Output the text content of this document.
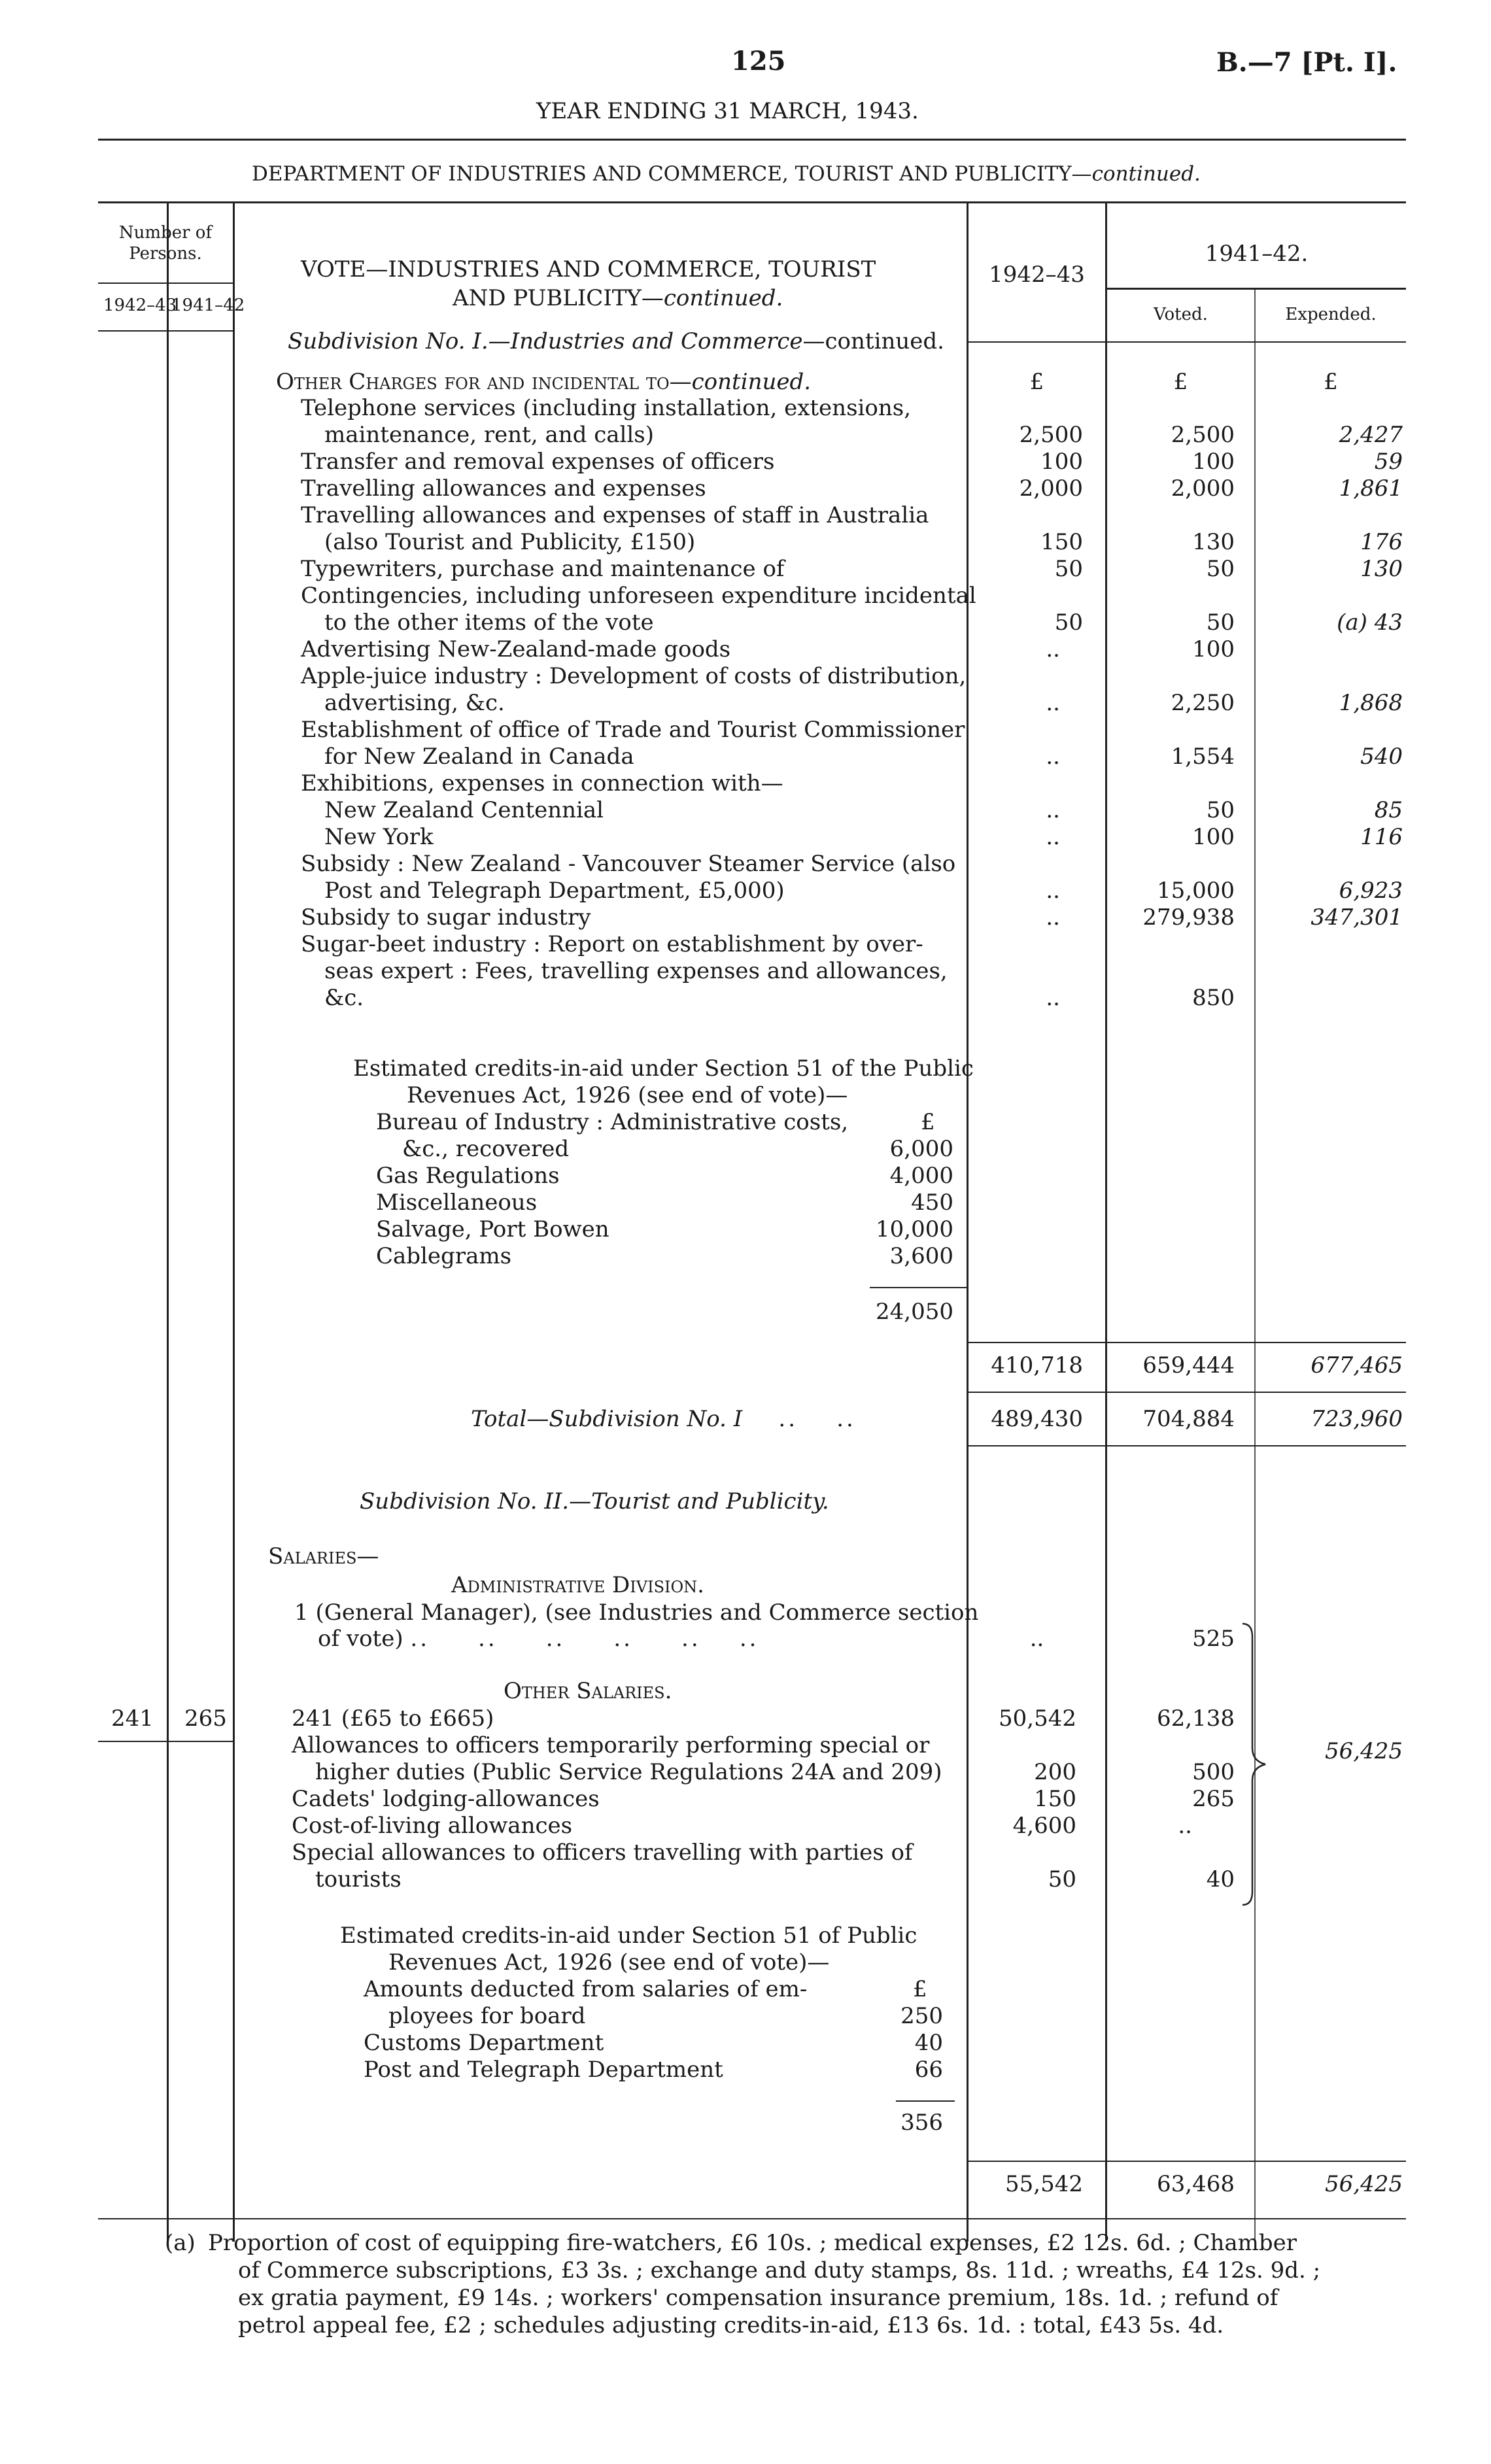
125	B.—7 [Pt. I].
YEAR ENDING 31 MARCH, 1943.
DEPARTMENT OF INDUSTRIES AND COMMERCE, TOURIST AND PUBLICITY—continued.
Number of Persons.
1942–43
1941–42
VOTE—INDUSTRIES AND COMMERCE, TOURIST
AND PUBLICITY—continued.
1942–43
1941–42.
Voted.	Expended.
Subdivision No. I.—Industries and Commerce—continued.
Other Charges for and incidental to—continued.	£	£	£
Telephone services (including installation, extensions,
maintenance, rent, and calls)	2,500	2,500	2,427
Transfer and removal expenses of officers	100	100	59
Travelling allowances and expenses	2,000	2,000	1,861
Travelling allowances and expenses of staff in Australia
(also Tourist and Publicity, £150)	150	130	176
Typewriters, purchase and maintenance of	50	50	130
Contingencies, including unforeseen expenditure incidental
to the other items of the vote	50	50	(a) 43
Advertising New-Zealand-made goods	..	100
Apple-juice industry : Development of costs of distribution,
advertising, &c.	..	2,250	1,868
Establishment of office of Trade and Tourist Commissioner
for New Zealand in Canada	..	1,554	540
Exhibitions, expenses in connection with—
New Zealand Centennial	..	50	85
New York	..	100	116
Subsidy : New Zealand - Vancouver Steamer Service (also
Post and Telegraph Department, £5,000)	..	15,000	6,923
Subsidy to sugar industry	..	279,938	347,301
Sugar-beet industry : Report on establishment by over-
seas expert : Fees, travelling expenses and allowances,
&c.	..	850
Estimated credits-in-aid under Section 51 of the Public
Revenues Act, 1926 (see end of vote)—
£
Bureau of Industry : Administrative costs,
&c., recovered	6,000
Gas Regulations	4,000
Miscellaneous	450
Salvage, Port Bowen	10,000
Cablegrams	3,600
24,050
410,718	659,444	677,465
Total—Subdivision No. I    ..    ..	489,430	704,884	723,960
Subdivision No. II.—Tourist and Publicity.
Salaries—
Administrative Division.
1 (General Manager), (see Industries and Commerce section
of vote) ..     ..     ..     ..     ..    ..	..	525
Other Salaries.
241 265	241 (£65 to £665)	50,542	62,138
Allowances to officers temporarily performing special or
higher duties (Public Service Regulations 24A and 209)	200	500
Cadets' lodging-allowances	150	265
Cost-of-living allowances	4,600	..
Special allowances to officers travelling with parties of
tourists	50	40
56,425
Estimated credits-in-aid under Section 51 of Public
Revenues Act, 1926 (see end of vote)—
£
Amounts deducted from salaries of em-
ployees for board	250
Customs Department	40
Post and Telegraph Department	66
356
55,542	63,468	56,425
(a) Proportion of cost of equipping fire-watchers, £6 10s. ; medical expenses, £2 12s. 6d. ; Chamber
of Commerce subscriptions, £3 3s. ; exchange and duty stamps, 8s. 11d. ; wreaths, £4 12s. 9d. ;
ex gratia payment, £9 14s. ; workers' compensation insurance premium, 18s. 1d. ; refund of
petrol appeal fee, £2 ; schedules adjusting credits-in-aid, £13 6s. 1d. : total, £43 5s. 4d.
